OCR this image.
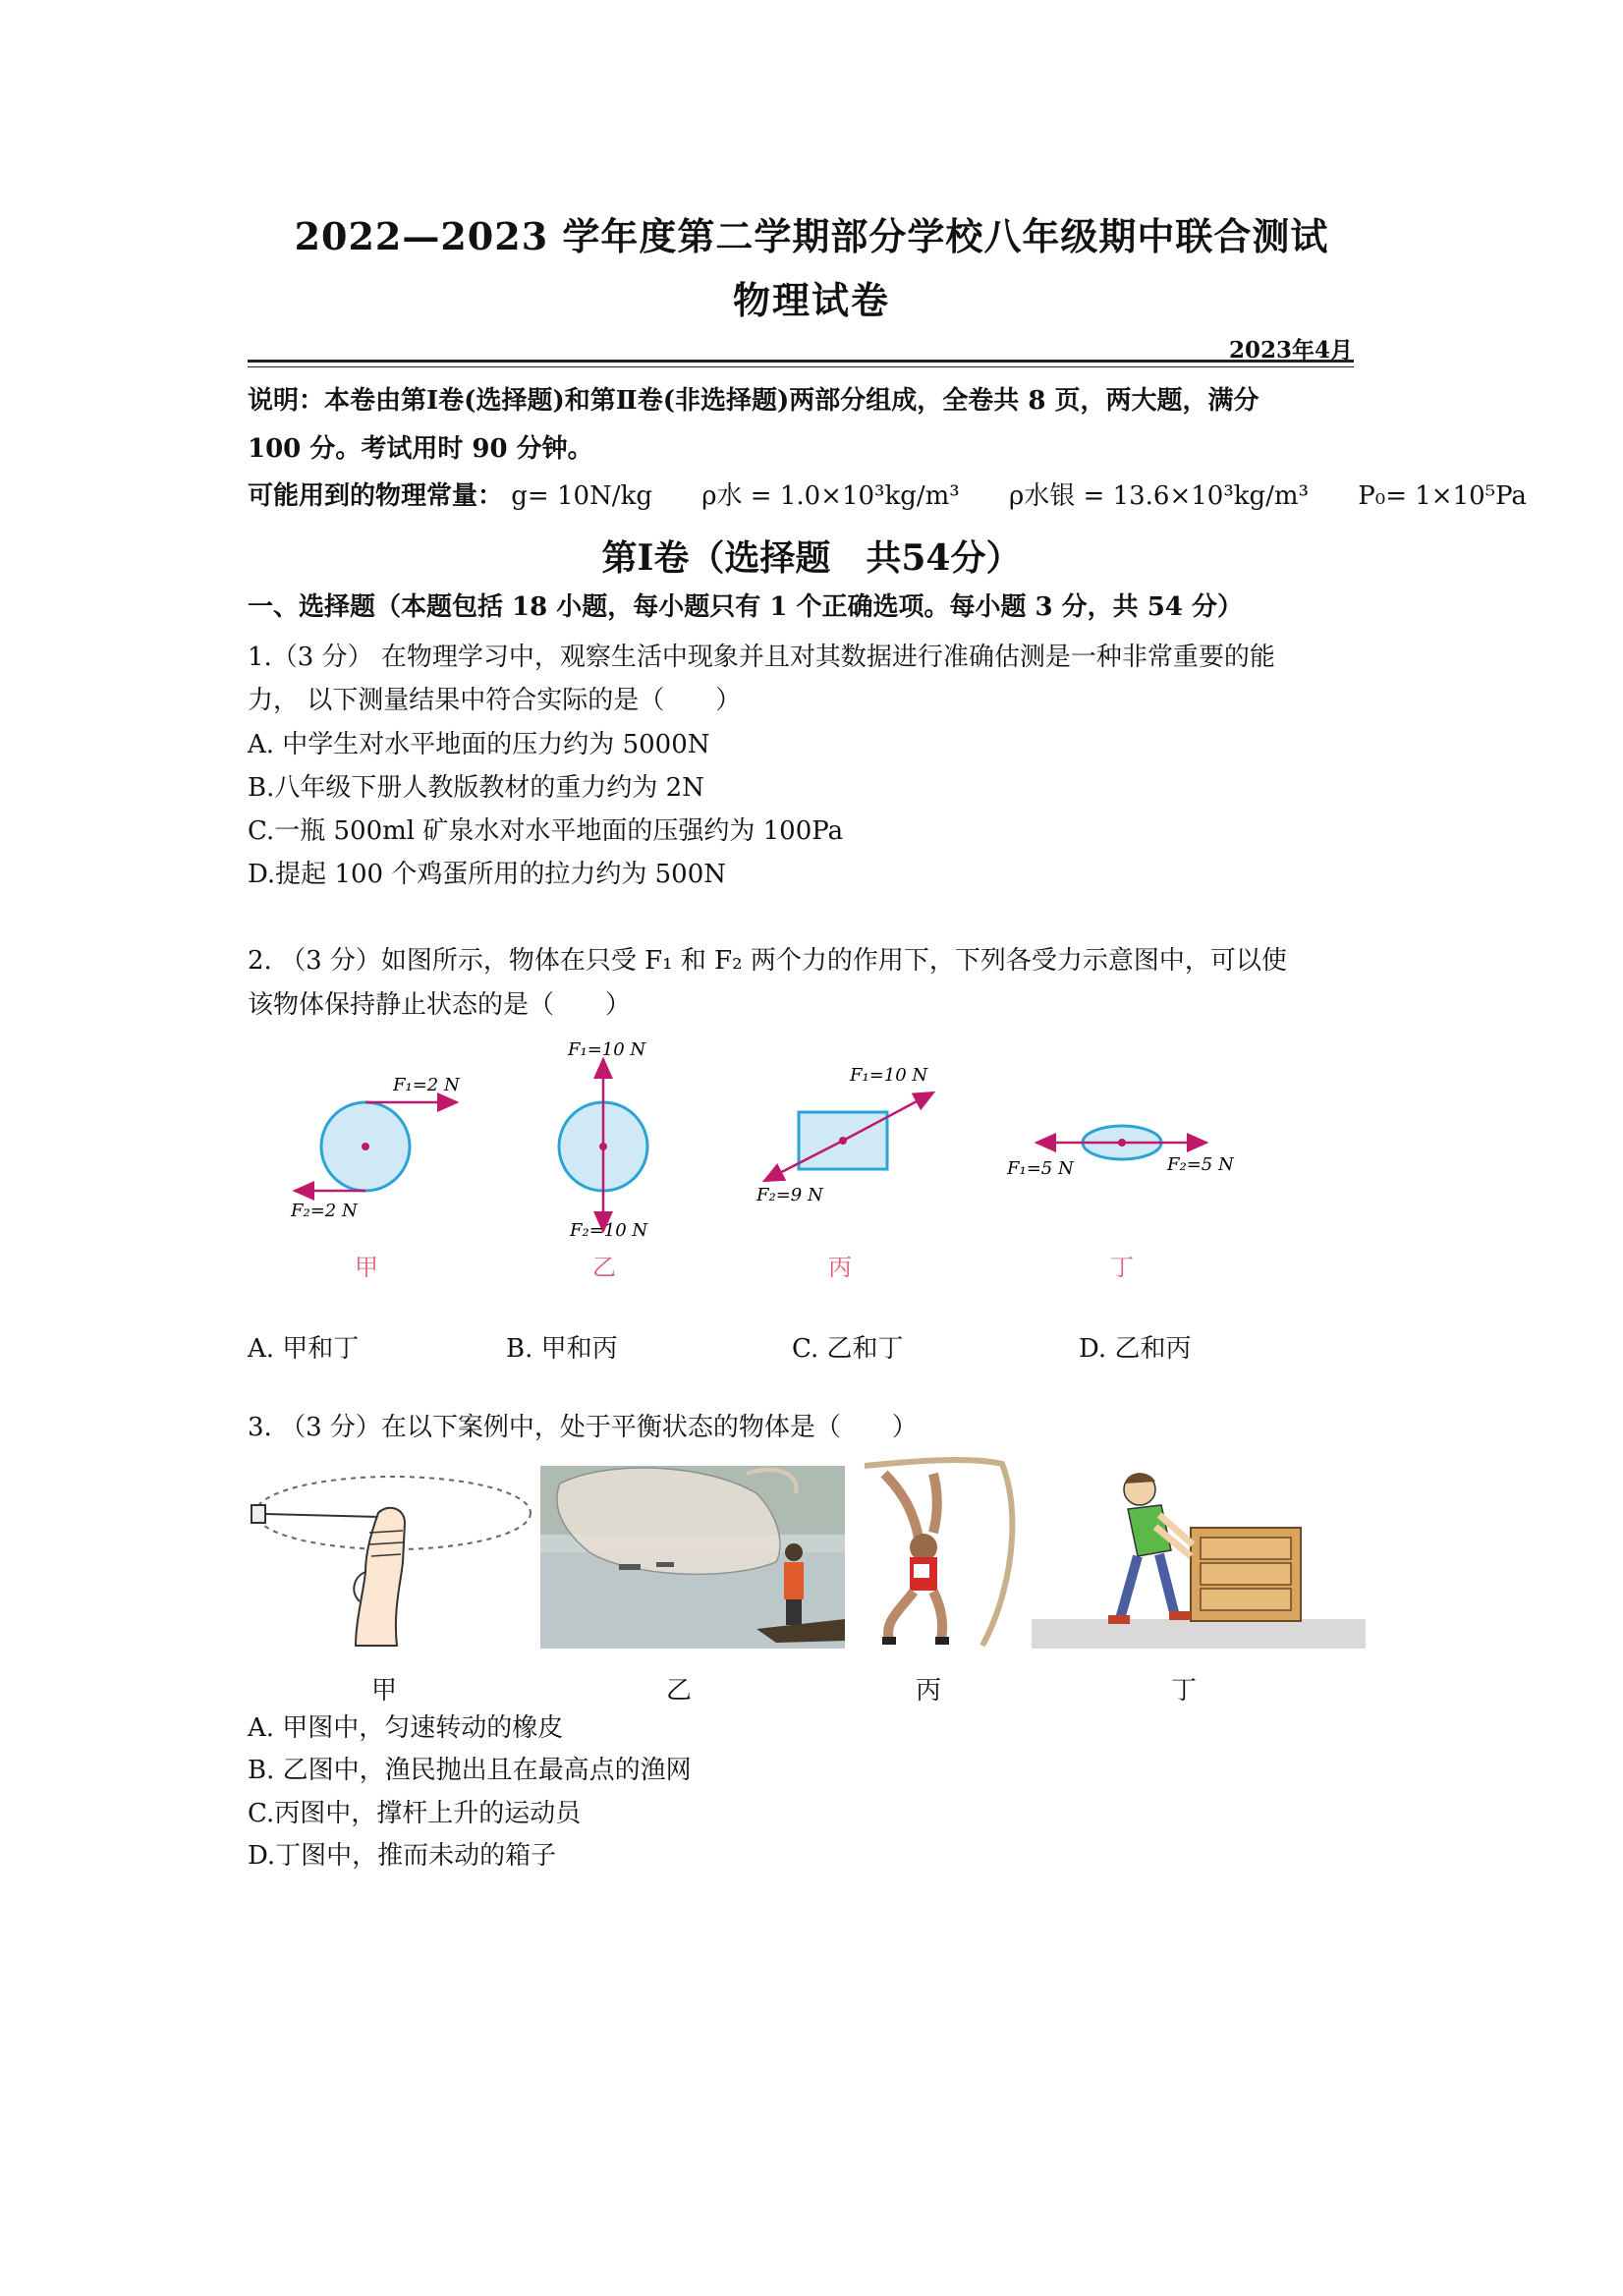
2022—2023 学年度第二学期部分学校八年级期中联合测试
物理试卷
2023年4月
说明：本卷由第Ⅰ卷(选择题)和第Ⅱ卷(非选择题)两部分组成，全卷共 8 页，两大题，满分
100 分。考试用时 90 分钟。
可能用到的物理常量： g= 10N/kg ρ水 = 1.0×10³kg/m³ ρ水银 = 13.6×10³kg/m³ P₀= 1×10⁵Pa
第Ⅰ卷（选择题　共54分）
一、选择题（本题包括 18 小题，每小题只有 1 个正确选项。每小题 3 分，共 54 分）
1.（3 分） 在物理学习中，观察生活中现象并且对其数据进行准确估测是一种非常重要的能
力， 以下测量结果中符合实际的是（　　）
A. 中学生对水平地面的压力约为 5000N
B.八年级下册人教版教材的重力约为 2N
C.一瓶 500ml 矿泉水对水平地面的压强约为 100Pa
D.提起 100 个鸡蛋所用的拉力约为 500N
2. （3 分）如图所示，物体在只受 F₁ 和 F₂ 两个力的作用下，下列各受力示意图中，可以使
该物体保持静止状态的是（　　）
F₁=2 N
F₂=2 N
甲
F₁=10 N
F₂=10 N
乙
F₁=10 N
F₂=9 N
丙
F₁=5 N	F₂=5 N
丁
A. 甲和丁	B. 甲和丙	C. 乙和丁	D. 乙和丙
3. （3 分）在以下案例中，处于平衡状态的物体是（　　）
甲	乙	丙	丁
A. 甲图中，匀速转动的橡皮
B. 乙图中，渔民抛出且在最高点的渔网
C.丙图中，撑杆上升的运动员
D.丁图中，推而未动的箱子
